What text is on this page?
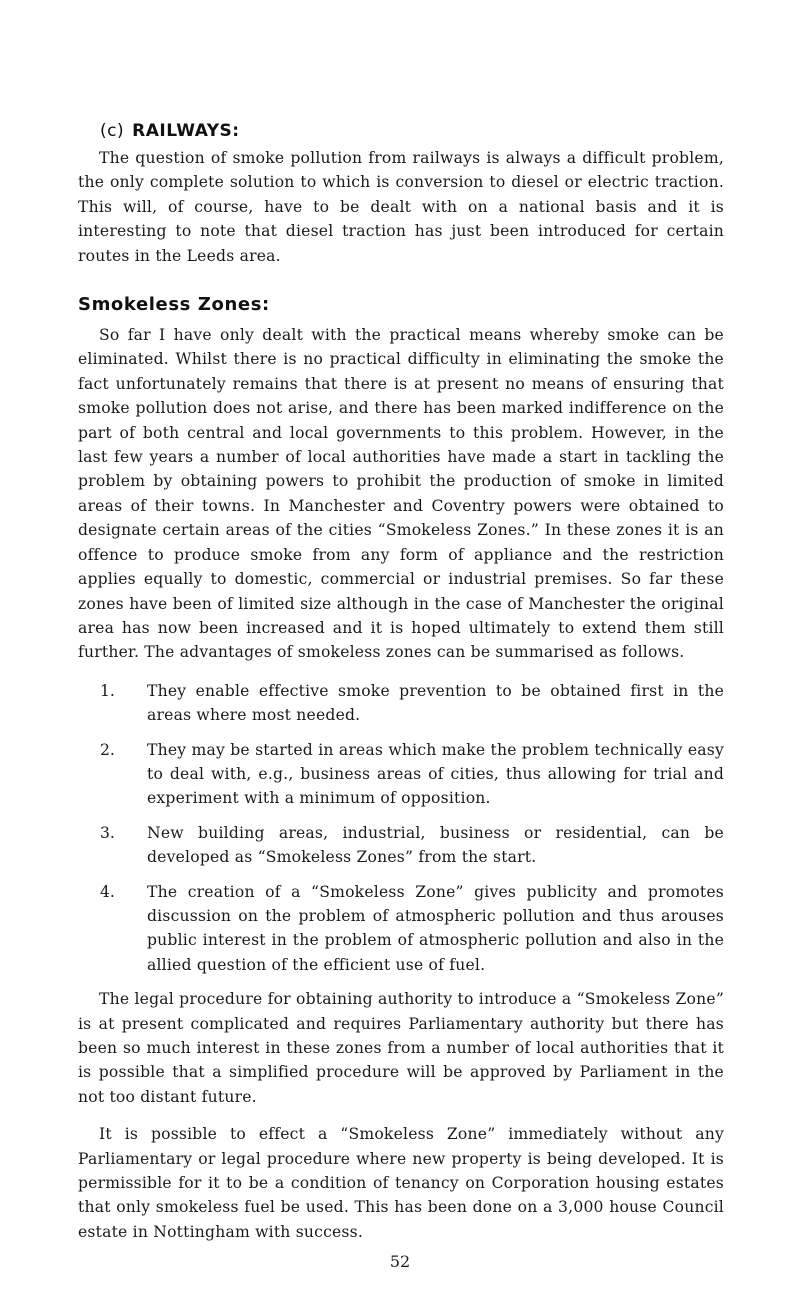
(c) RAILWAYS:

The question of smoke pollution from railways is always a difficult problem, the only complete solution to which is conversion to diesel or electric traction. This will, of course, have to be dealt with on a national basis and it is interesting to note that diesel traction has just been introduced for certain routes in the Leeds area.

Smokeless Zones:

So far I have only dealt with the practical means whereby smoke can be eliminated. Whilst there is no practical difficulty in eliminating the smoke the fact unfortunately remains that there is at present no means of ensuring that smoke pollution does not arise, and there has been marked indifference on the part of both central and local governments to this problem. However, in the last few years a number of local authorities have made a start in tackling the problem by obtaining powers to prohibit the production of smoke in limited areas of their towns. In Manchester and Coventry powers were obtained to designate certain areas of the cities “Smokeless Zones.” In these zones it is an offence to produce smoke from any form of appliance and the restriction applies equally to domestic, commercial or industrial premises. So far these zones have been of limited size although in the case of Manchester the original area has now been increased and it is hoped ultimately to extend them still further. The advantages of smokeless zones can be summarised as follows.

1. They enable effective smoke prevention to be obtained first in the areas where most needed.
2. They may be started in areas which make the problem technically easy to deal with, e.g., business areas of cities, thus allowing for trial and experiment with a minimum of opposition.
3. New building areas, industrial, business or residential, can be developed as “Smokeless Zones” from the start.
4. The creation of a “Smokeless Zone” gives publicity and promotes discussion on the problem of atmospheric pollution and thus arouses public interest in the problem of atmospheric pollution and also in the allied question of the efficient use of fuel.

The legal procedure for obtaining authority to introduce a “Smokeless Zone” is at present complicated and requires Parliamentary authority but there has been so much interest in these zones from a number of local authorities that it is possible that a simplified procedure will be approved by Parliament in the not too distant future.

It is possible to effect a “Smokeless Zone” immediately without any Parliamentary or legal procedure where new property is being developed. It is permissible for it to be a condition of tenancy on Corporation housing estates that only smokeless fuel be used. This has been done on a 3,000 house Council estate in Nottingham with success.

52
